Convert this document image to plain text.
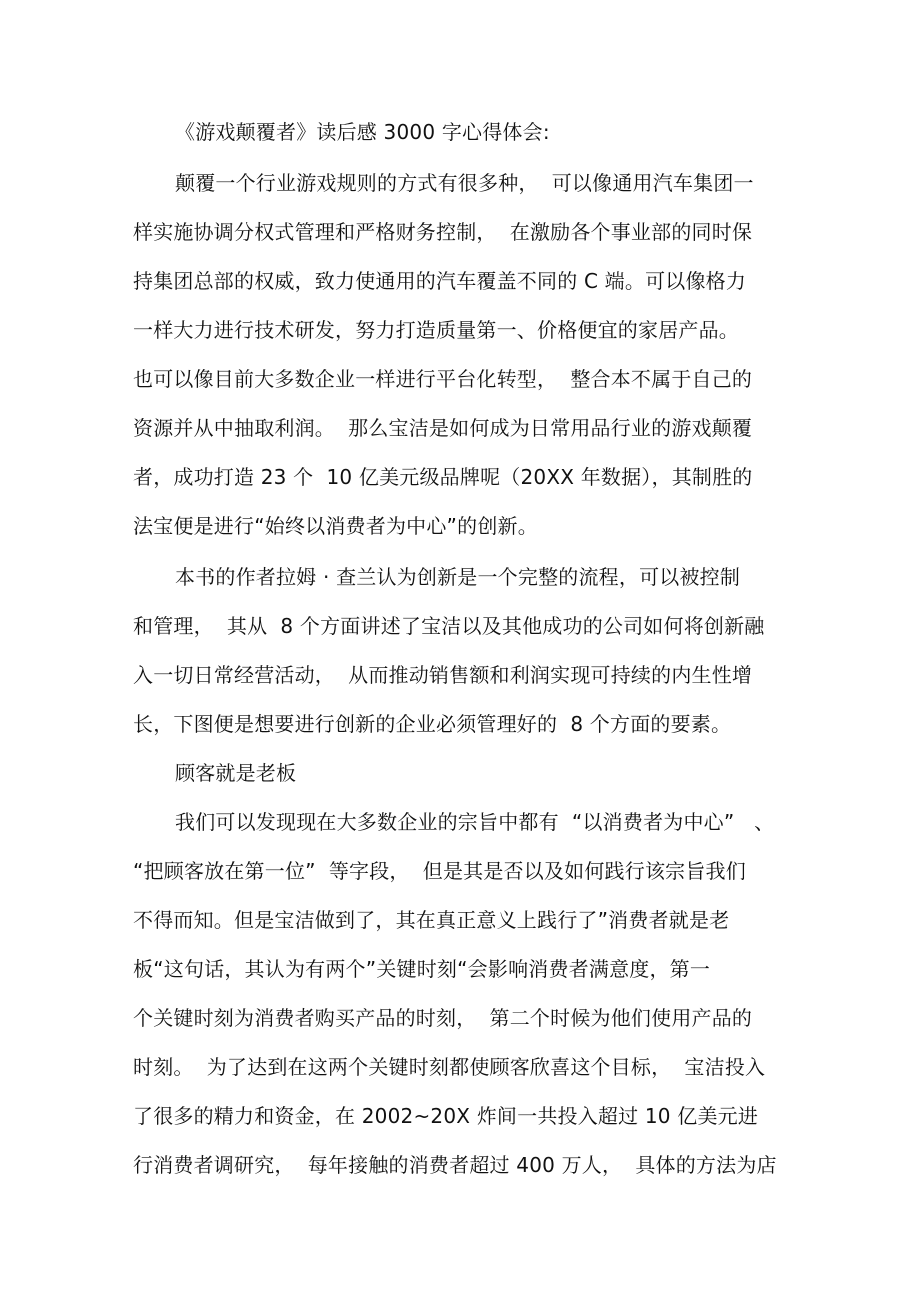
《游戏颠覆者》读后感 3000 字心得体会:
颠覆一个行业游戏规则的方式有很多种，  可以像通用汽车集团一
样实施协调分权式管理和严格财务控制，  在激励各个事业部的同时保
持集团总部的权威，致力使通用的汽车覆盖不同的 C 端。可以像格力
一样大力进行技术研发，努力打造质量第一、价格便宜的家居产品。
也可以像目前大多数企业一样进行平台化转型，  整合本不属于自己的
资源并从中抽取利润。  那么宝洁是如何成为日常用品行业的游戏颠覆
者，成功打造 23 个  10 亿美元级品牌呢（20XX 年数据），其制胜的
法宝便是进行“始终以消费者为中心”的创新。
本书的作者拉姆 · 查兰认为创新是一个完整的流程，可以被控制
和管理，  其从  8 个方面讲述了宝洁以及其他成功的公司如何将创新融
入一切日常经营活动，  从而推动销售额和利润实现可持续的内生性增
长，下图便是想要进行创新的企业必须管理好的  8 个方面的要素。
顾客就是老板
我们可以发现现在大多数企业的宗旨中都有  “以消费者为中心”   、
“把顾客放在第一位”  等字段，  但是其是否以及如何践行该宗旨我们
不得而知。但是宝洁做到了，其在真正意义上践行了”消费者就是老
板“这句话，其认为有两个”关键时刻“会影响消费者满意度，第一
个关键时刻为消费者购买产品的时刻，  第二个时候为他们使用产品的
时刻。  为了达到在这两个关键时刻都使顾客欣喜这个目标，  宝洁投入
了很多的精力和资金，在 2002~20X 炸间一共投入超过 10 亿美元进
行消费者调研究，  每年接触的消费者超过 400 万人，  具体的方法为店
